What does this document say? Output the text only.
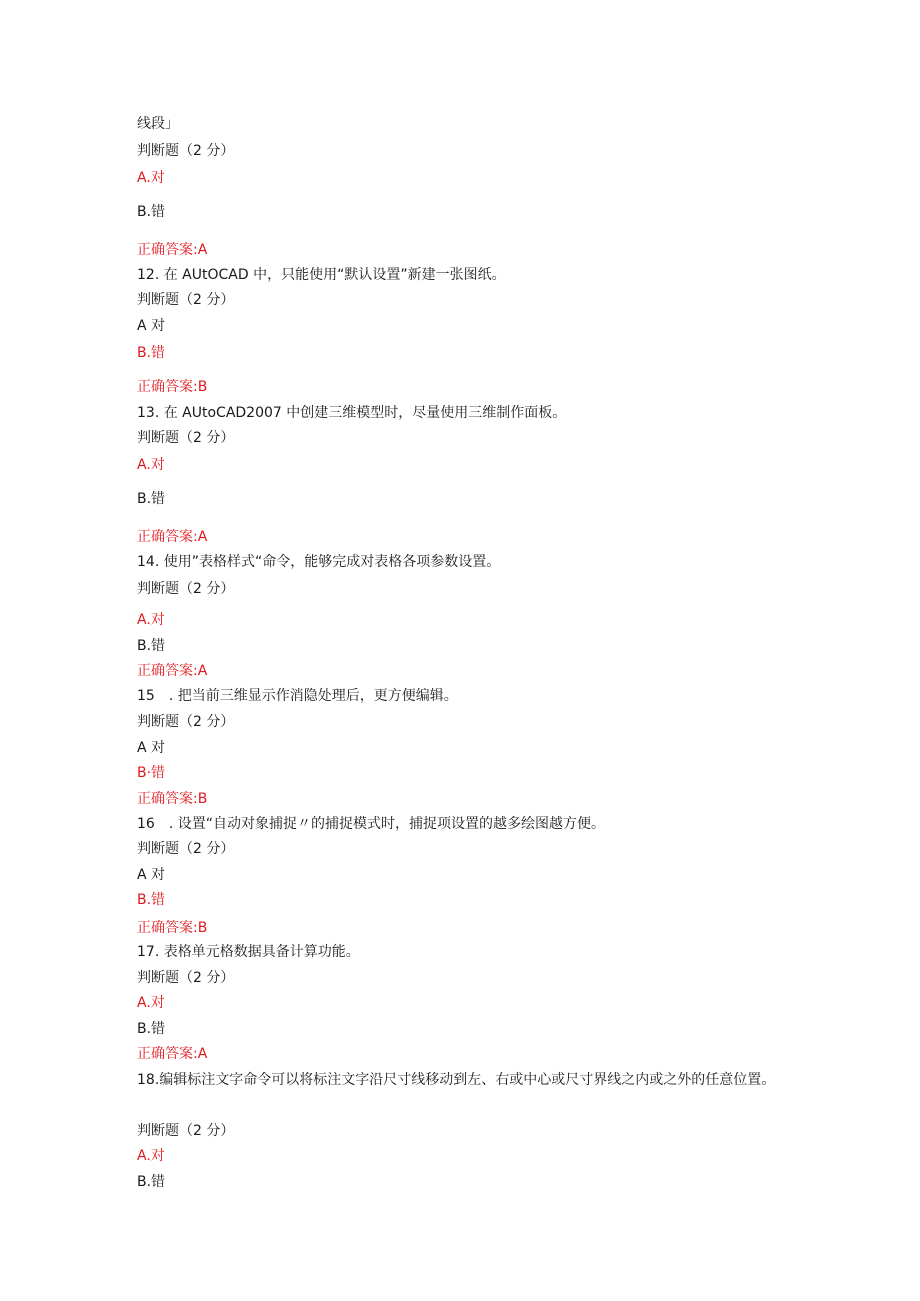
线段」
判断题（2 分）
A.对
B.错
正确答案:A
12. 在 AUtOCAD 中，只能使用“默认设置”新建一张图纸。
判断题（2 分）
A 对
B.错
正确答案:B
13. 在 AUtoCAD2007 中创建三维模型时，尽量使用三维制作面板。
判断题（2 分）
A.对
B.错
正确答案:A
14. 使用”表格样式“命令，能够完成对表格各项参数设置。
判断题（2 分）
A.对
B.错
正确答案:A
15　. 把当前三维显示作消隐处理后，更方便编辑。
判断题（2 分）
A 对
B·错
正确答案:B
16　. 设置“自动对象捕捉〃的捕捉模式时，捕捉项设置的越多绘图越方便。
判断题（2 分）
A 对
B.错
正确答案:B
17. 表格单元格数据具备计算功能。
判断题（2 分）
A.对
B.错
正确答案:A
18.编辑标注文字命令可以将标注文字沿尺寸线移动到左、右或中心或尺寸界线之内或之外的任意位置。
判断题（2 分）
A.对
B.错
